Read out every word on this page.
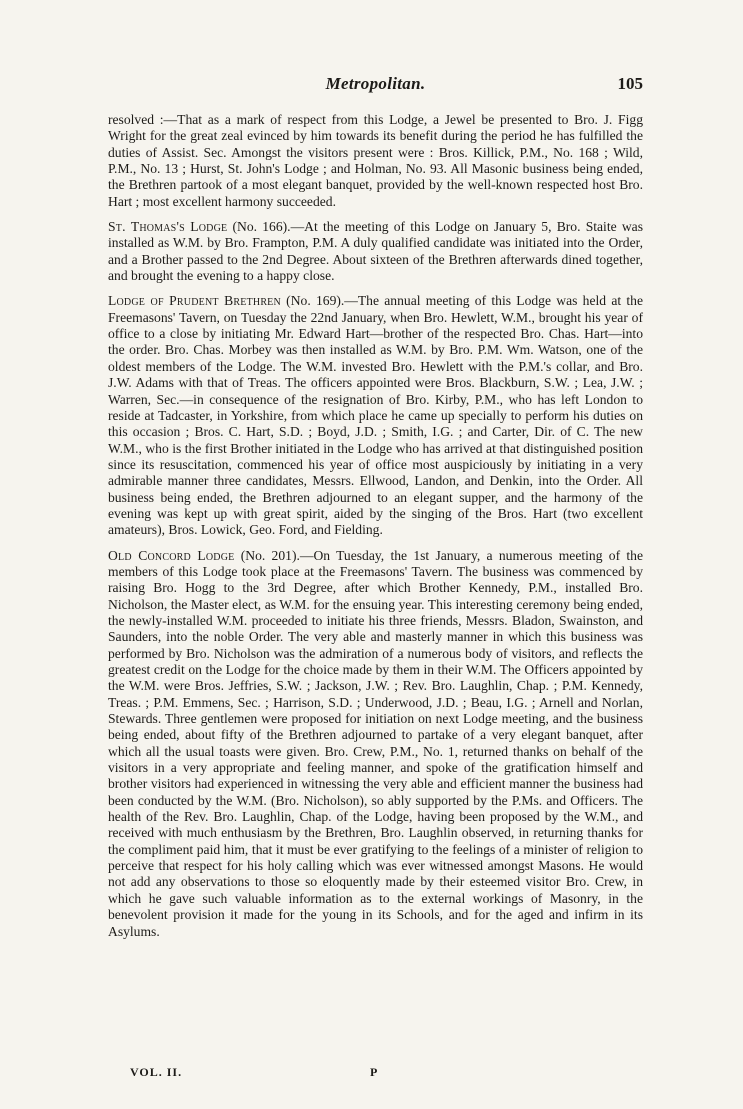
Metropolitan.	105

resolved :—That as a mark of respect from this Lodge, a Jewel be presented to Bro. J. Figg Wright for the great zeal evinced by him towards its benefit during the period he has fulfilled the duties of Assist. Sec. Amongst the visitors present were : Bros. Killick, P.M., No. 168 ; Wild, P.M., No. 13 ; Hurst, St. John's Lodge ; and Holman, No. 93. All Masonic business being ended, the Brethren partook of a most elegant banquet, provided by the well-known respected host Bro. Hart ; most excellent harmony succeeded.

St. Thomas's Lodge (No. 166).—At the meeting of this Lodge on January 5, Bro. Staite was installed as W.M. by Bro. Frampton, P.M. A duly qualified candidate was initiated into the Order, and a Brother passed to the 2nd Degree. About sixteen of the Brethren afterwards dined together, and brought the evening to a happy close.

Lodge of Prudent Brethren (No. 169).—The annual meeting of this Lodge was held at the Freemasons' Tavern, on Tuesday the 22nd January, when Bro. Hewlett, W.M., brought his year of office to a close by initiating Mr. Edward Hart—brother of the respected Bro. Chas. Hart—into the order. Bro. Chas. Morbey was then installed as W.M. by Bro. P.M. Wm. Watson, one of the oldest members of the Lodge. The W.M. invested Bro. Hewlett with the P.M.'s collar, and Bro. J.W. Adams with that of Treas. The officers appointed were Bros. Blackburn, S.W. ; Lea, J.W. ; Warren, Sec.—in consequence of the resignation of Bro. Kirby, P.M., who has left London to reside at Tadcaster, in Yorkshire, from which place he came up specially to perform his duties on this occasion ; Bros. C. Hart, S.D. ; Boyd, J.D. ; Smith, I.G. ; and Carter, Dir. of C. The new W.M., who is the first Brother initiated in the Lodge who has arrived at that distinguished position since its resuscitation, commenced his year of office most auspiciously by initiating in a very admirable manner three candidates, Messrs. Ellwood, Landon, and Denkin, into the Order. All business being ended, the Brethren adjourned to an elegant supper, and the harmony of the evening was kept up with great spirit, aided by the singing of the Bros. Hart (two excellent amateurs), Bros. Lowick, Geo. Ford, and Fielding.

Old Concord Lodge (No. 201).—On Tuesday, the 1st January, a numerous meeting of the members of this Lodge took place at the Freemasons' Tavern. The business was commenced by raising Bro. Hogg to the 3rd Degree, after which Brother Kennedy, P.M., installed Bro. Nicholson, the Master elect, as W.M. for the ensuing year. This interesting ceremony being ended, the newly-installed W.M. proceeded to initiate his three friends, Messrs. Bladon, Swainston, and Saunders, into the noble Order. The very able and masterly manner in which this business was performed by Bro. Nicholson was the admiration of a numerous body of visitors, and reflects the greatest credit on the Lodge for the choice made by them in their W.M. The Officers appointed by the W.M. were Bros. Jeffries, S.W. ; Jackson, J.W. ; Rev. Bro. Laughlin, Chap. ; P.M. Kennedy, Treas. ; P.M. Emmens, Sec. ; Harrison, S.D. ; Underwood, J.D. ; Beau, I.G. ; Arnell and Norlan, Stewards. Three gentlemen were proposed for initiation on next Lodge meeting, and the business being ended, about fifty of the Brethren adjourned to partake of a very elegant banquet, after which all the usual toasts were given. Bro. Crew, P.M., No. 1, returned thanks on behalf of the visitors in a very appropriate and feeling manner, and spoke of the gratification himself and brother visitors had experienced in witnessing the very able and efficient manner the business had been conducted by the W.M. (Bro. Nicholson), so ably supported by the P.Ms. and Officers. The health of the Rev. Bro. Laughlin, Chap. of the Lodge, having been proposed by the W.M., and received with much enthusiasm by the Brethren, Bro. Laughlin observed, in returning thanks for the compliment paid him, that it must be ever gratifying to the feelings of a minister of religion to perceive that respect for his holy calling which was ever witnessed amongst Masons. He would not add any observations to those so eloquently made by their esteemed visitor Bro. Crew, in which he gave such valuable information as to the external workings of Masonry, in the benevolent provision it made for the young in its Schools, and for the aged and infirm in its Asylums.

VOL. II.	P
